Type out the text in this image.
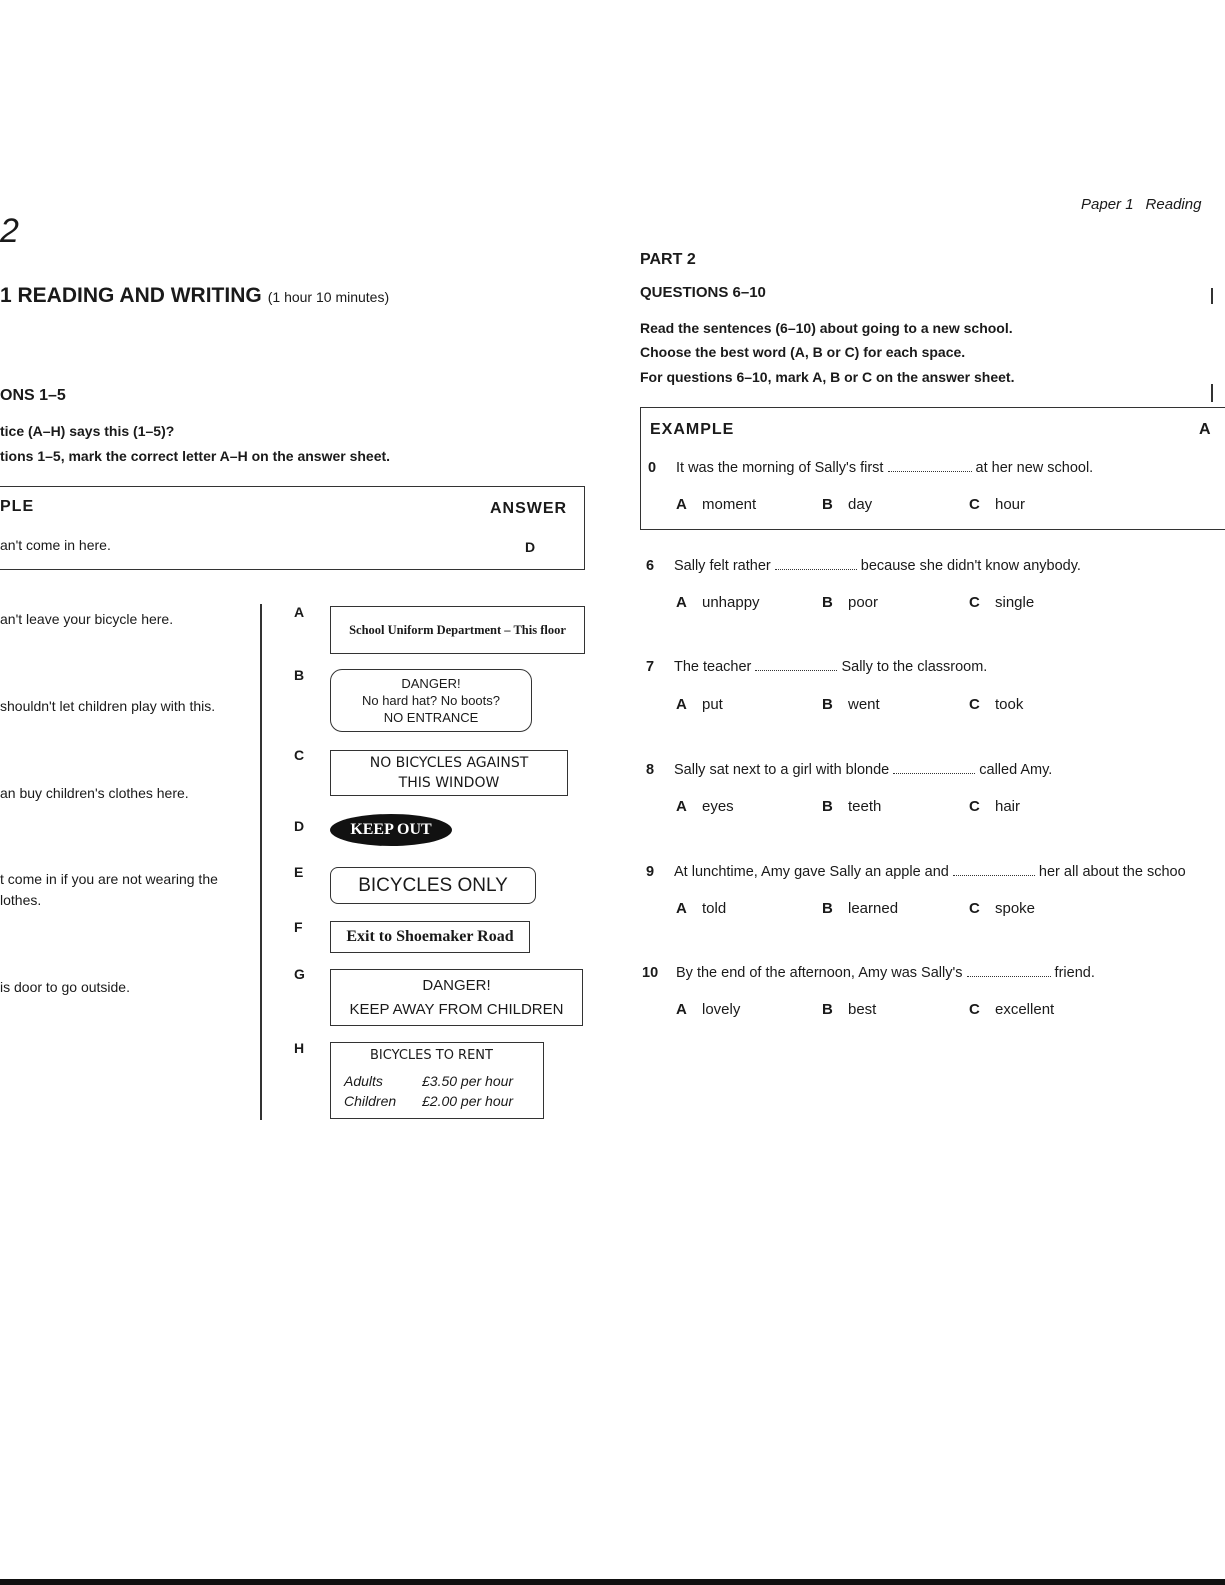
2
1 READING AND WRITING (1 hour 10 minutes)
Paper 1 Reading
ONS 1–5
tice (A–H) says this (1–5)?
tions 1–5, mark the correct letter A–H on the answer sheet.
PLE	ANSWER
an't come in here.	D
an't leave your bicycle here.
shouldn't let children play with this.
an buy children's clothes here.
t come in if you are not wearing the
lothes.
is door to go outside.
A
B
C
D
E
F
G
H
School Uniform Department – This floor
DANGER!
No hard hat? No boots?
NO ENTRANCE
NO BICYCLES AGAINST
THIS WINDOW
KEEP OUT
BICYCLES ONLY
Exit to Shoemaker Road
DANGER!
KEEP AWAY FROM CHILDREN
BICYCLES TO RENT
Adults	£3.50 per hour
Children £2.00 per hour
PART 2
QUESTIONS 6–10
Read the sentences (6–10) about going to a new school.
Choose the best word (A, B or C) for each space.
For questions 6–10, mark A, B or C on the answer sheet.
EXAMPLE	A
0 It was the morning of Sally's first	at her new school.
A moment	B day	C hour
6 Sally felt rather	because she didn't know anybody.
A unhappy	B poor	C single
7 The teacher	Sally to the classroom.
A put	B went	C took
8 Sally sat next to a girl with blonde	called Amy.
A eyes	B teeth	C hair
9 At lunchtime, Amy gave Sally an apple and	her all about the schoo
A told	B learned	C spoke
10 By the end of the afternoon, Amy was Sally's	friend.
A lovely	B best	C excellent
